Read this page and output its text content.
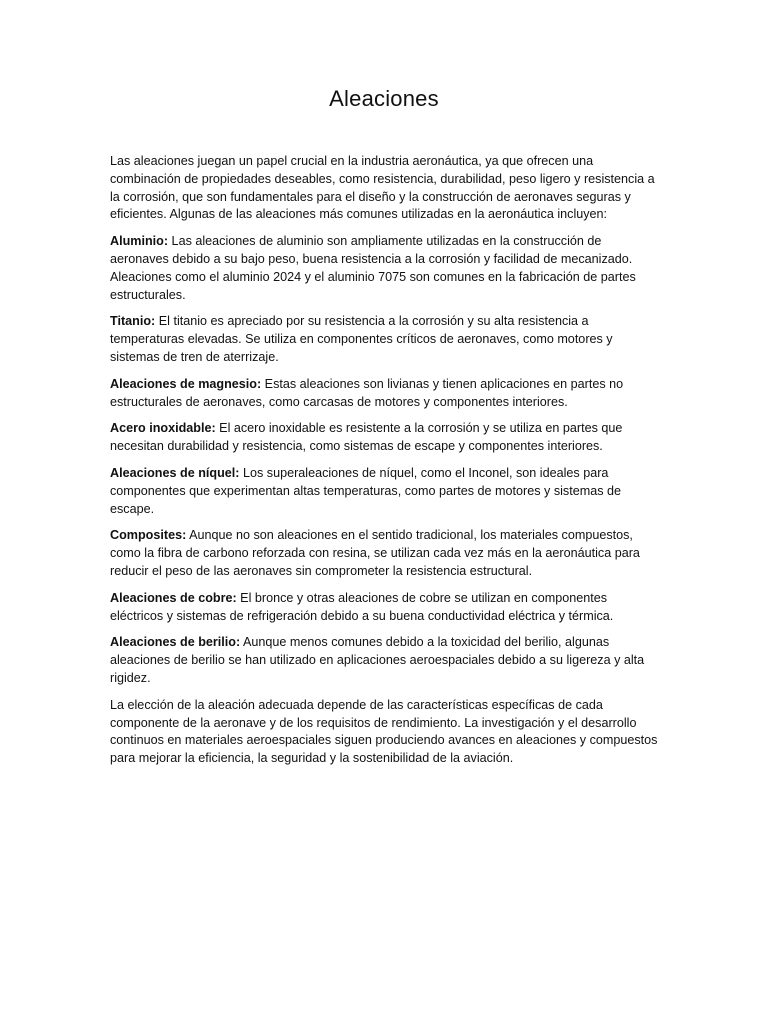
Aleaciones

Las aleaciones juegan un papel crucial en la industria aeronáutica, ya que ofrecen una combinación de propiedades deseables, como resistencia, durabilidad, peso ligero y resistencia a la corrosión, que son fundamentales para el diseño y la construcción de aeronaves seguras y eficientes. Algunas de las aleaciones más comunes utilizadas en la aeronáutica incluyen:

Aluminio: Las aleaciones de aluminio son ampliamente utilizadas en la construcción de aeronaves debido a su bajo peso, buena resistencia a la corrosión y facilidad de mecanizado. Aleaciones como el aluminio 2024 y el aluminio 7075 son comunes en la fabricación de partes estructurales.

Titanio: El titanio es apreciado por su resistencia a la corrosión y su alta resistencia a temperaturas elevadas. Se utiliza en componentes críticos de aeronaves, como motores y sistemas de tren de aterrizaje.

Aleaciones de magnesio: Estas aleaciones son livianas y tienen aplicaciones en partes no estructurales de aeronaves, como carcasas de motores y componentes interiores.

Acero inoxidable: El acero inoxidable es resistente a la corrosión y se utiliza en partes que necesitan durabilidad y resistencia, como sistemas de escape y componentes interiores.

Aleaciones de níquel: Los superaleaciones de níquel, como el Inconel, son ideales para componentes que experimentan altas temperaturas, como partes de motores y sistemas de escape.

Composites: Aunque no son aleaciones en el sentido tradicional, los materiales compuestos, como la fibra de carbono reforzada con resina, se utilizan cada vez más en la aeronáutica para reducir el peso de las aeronaves sin comprometer la resistencia estructural.

Aleaciones de cobre: El bronce y otras aleaciones de cobre se utilizan en componentes eléctricos y sistemas de refrigeración debido a su buena conductividad eléctrica y térmica.

Aleaciones de berilio: Aunque menos comunes debido a la toxicidad del berilio, algunas aleaciones de berilio se han utilizado en aplicaciones aeroespaciales debido a su ligereza y alta rigidez.

La elección de la aleación adecuada depende de las características específicas de cada componente de la aeronave y de los requisitos de rendimiento. La investigación y el desarrollo continuos en materiales aeroespaciales siguen produciendo avances en aleaciones y compuestos para mejorar la eficiencia, la seguridad y la sostenibilidad de la aviación.
